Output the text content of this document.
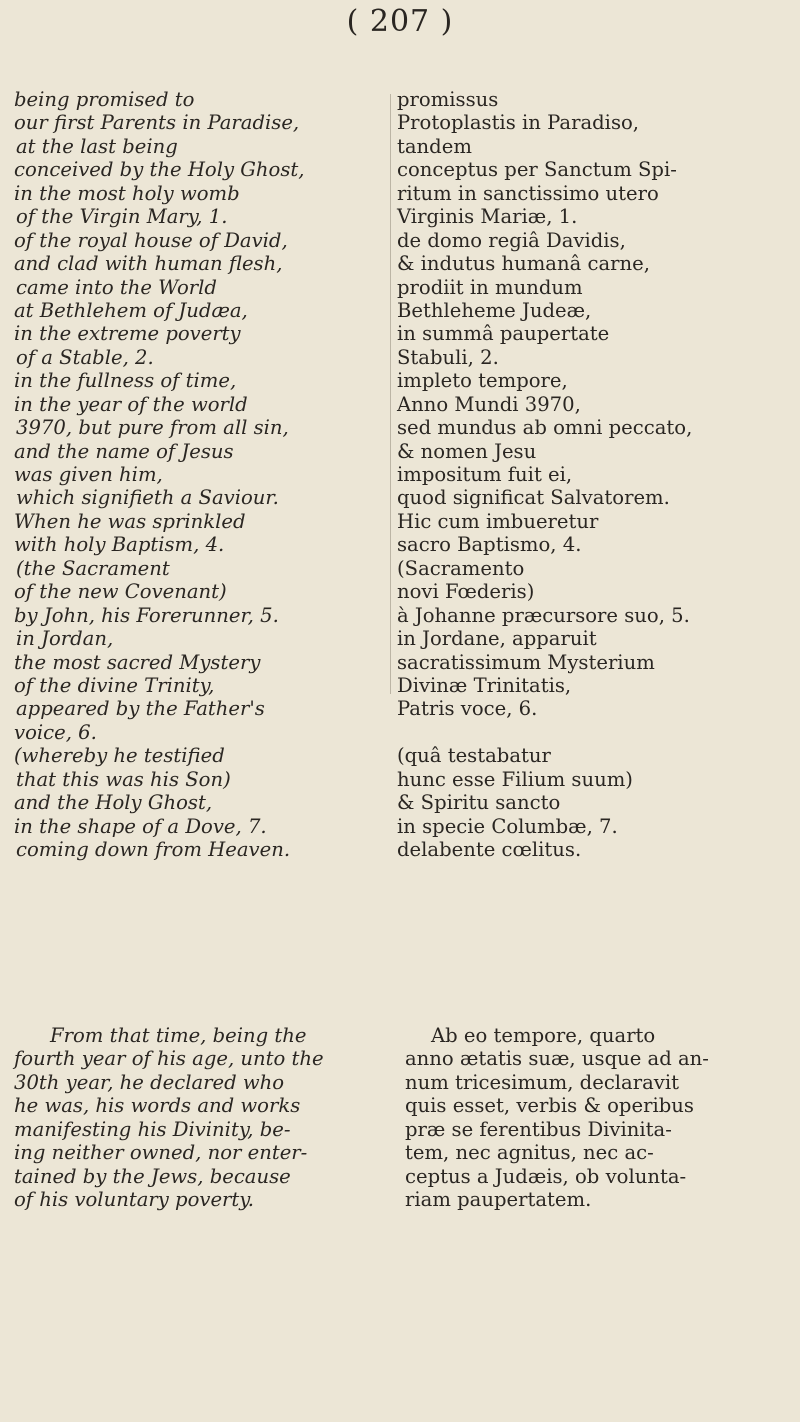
( 207 )
being promised to
our first Parents in Paradise,
at the last being
conceived by the Holy Ghost,
in the most holy womb
of the Virgin Mary, 1.
of the royal house of David,
and clad with human flesh,
came into the World
at Bethlehem of Judæa,
in the extreme poverty
of a Stable, 2.
in the fullness of time,
in the year of the world
3970, but pure from all sin,
and the name of Jesus
was given him,
which signifieth a Saviour.
When he was sprinkled
with holy Baptism, 4.
(the Sacrament
of the new Covenant)
by John, his Forerunner, 5.
in Jordan,
the most sacred Mystery
of the divine Trinity,
appeared by the Father's
voice, 6.
(whereby he testified
that this was his Son)
and the Holy Ghost,
in the shape of a Dove, 7.
coming down from Heaven.
promissus
Protoplastis in Paradiso,
tandem
conceptus per Sanctum Spi-
ritum in sanctissimo utero
Virginis Mariæ, 1.
de domo regiâ Davidis,
& indutus humanâ carne,
prodiit in mundum
Bethleheme Judeæ,
in summâ paupertate
Stabuli, 2.
impleto tempore,
Anno Mundi 3970,
sed mundus ab omni peccato,
& nomen Jesu
impositum fuit ei,
quod significat Salvatorem.
Hic cum imbueretur
sacro Baptismo, 4.
(Sacramento
novi Fœderis)
à Johanne præcursore suo, 5.
in Jordane, apparuit
sacratissimum Mysterium
Divinæ Trinitatis,
Patris voce, 6.
(quâ testabatur
hunc esse Filium suum)
& Spiritu sancto
in specie Columbæ, 7.
delabente cœlitus.
From that time, being the
fourth year of his age, unto the
30th year, he declared who
he was, his words and works
manifesting his Divinity, be-
ing neither owned, nor enter-
tained by the Jews, because
of his voluntary poverty.
Ab eo tempore, quarto
anno ætatis suæ, usque ad an-
num tricesimum, declaravit
quis esset, verbis & operibus
præ se ferentibus Divinita-
tem, nec agnitus, nec ac-
ceptus a Judæis, ob volunta-
riam paupertatem.
